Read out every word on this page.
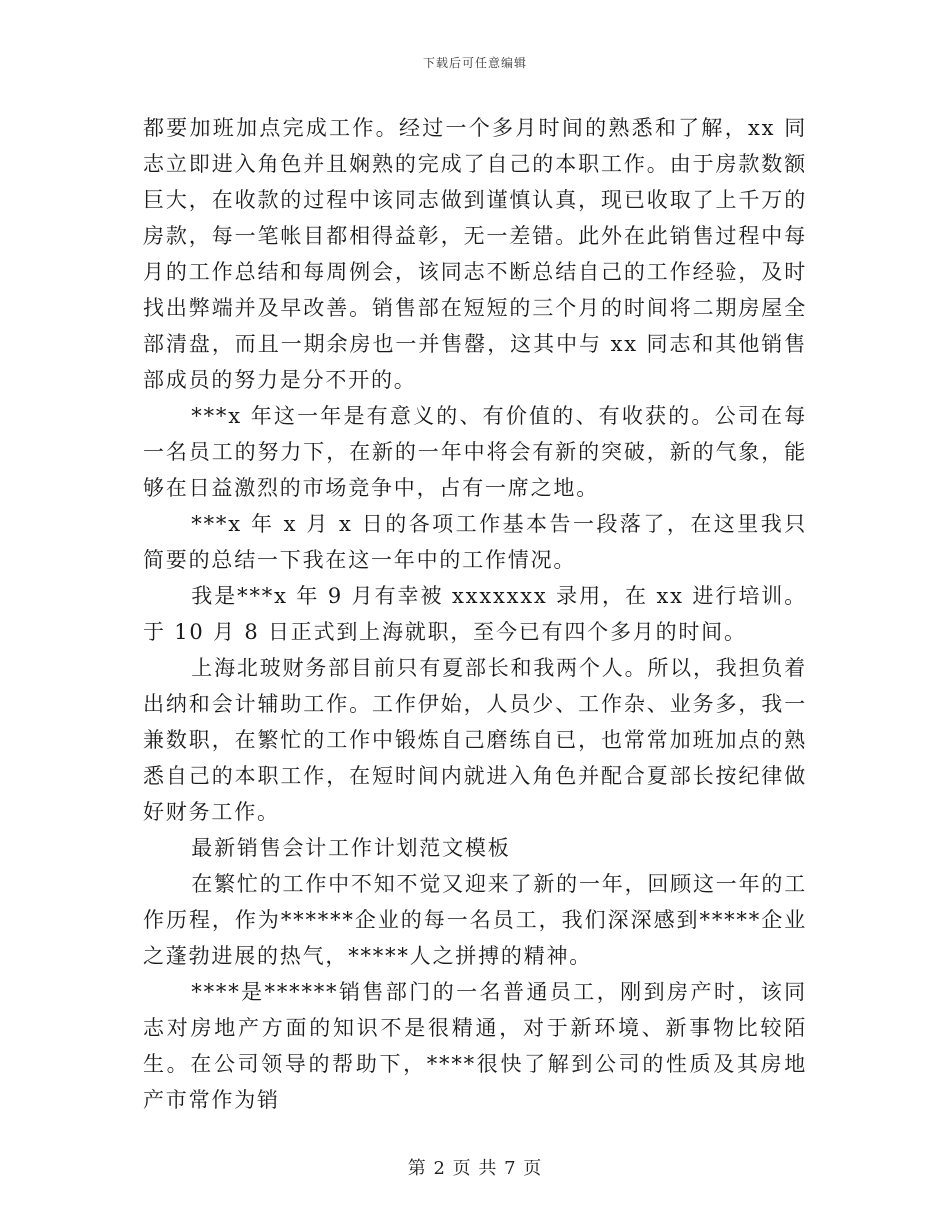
下载后可任意编辑

都要加班加点完成工作。经过一个多月时间的熟悉和了解，xx 同志立即进入角色并且娴熟的完成了自己的本职工作。由于房款数额巨大，在收款的过程中该同志做到谨慎认真，现已收取了上千万的房款，每一笔帐目都相得益彰，无一差错。此外在此销售过程中每月的工作总结和每周例会，该同志不断总结自己的工作经验，及时找出弊端并及早改善。销售部在短短的三个月的时间将二期房屋全部清盘，而且一期余房也一并售罄，这其中与 xx 同志和其他销售部成员的努力是分不开的。

***x 年这一年是有意义的、有价值的、有收获的。公司在每一名员工的努力下，在新的一年中将会有新的突破，新的气象，能够在日益激烈的市场竞争中，占有一席之地。

***x 年 x 月 x 日的各项工作基本告一段落了，在这里我只简要的总结一下我在这一年中的工作情况。

我是***x 年 9 月有幸被 xxxxxxx 录用，在 xx 进行培训。于 10 月 8 日正式到上海就职，至今已有四个多月的时间。

上海北玻财务部目前只有夏部长和我两个人。所以，我担负着出纳和会计辅助工作。工作伊始，人员少、工作杂、业务多，我一兼数职，在繁忙的工作中锻炼自己磨练自已，也常常加班加点的熟悉自己的本职工作，在短时间内就进入角色并配合夏部长按纪律做好财务工作。

最新销售会计工作计划范文模板

在繁忙的工作中不知不觉又迎来了新的一年，回顾这一年的工作历程，作为******企业的每一名员工，我们深深感到*****企业之蓬勃进展的热气，*****人之拼搏的精神。

****是******销售部门的一名普通员工，刚到房产时，该同志对房地产方面的知识不是很精通，对于新环境、新事物比较陌生。在公司领导的帮助下，****很快了解到公司的性质及其房地产市常作为销

第 2 页 共 7 页
